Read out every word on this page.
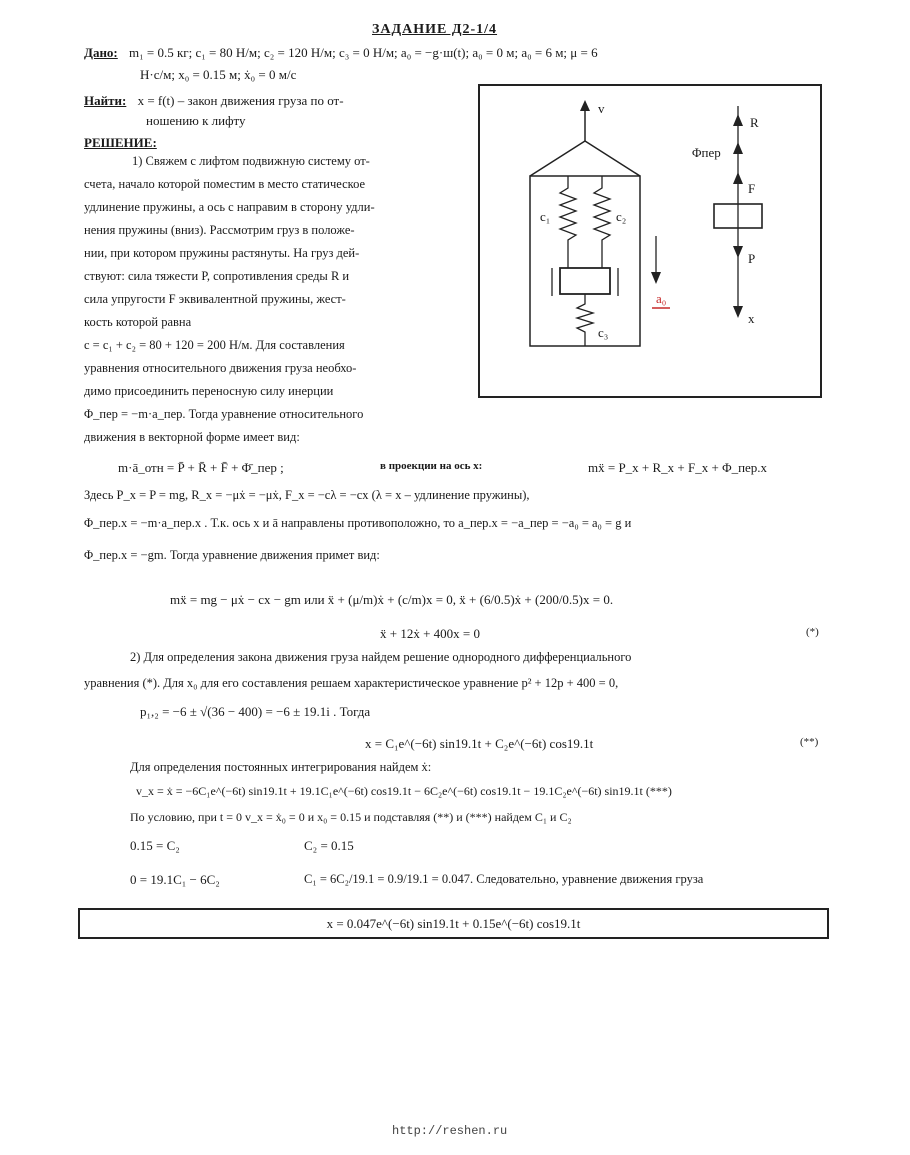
ЗАДАНИЕ Д2-1/4
Дано: m₁ = 0.5 кг; c₁ = 80 Н/м; c₂ = 120 Н/м; c₃ = 0 Н/м; a₀ = −g·ш(t); a₀ = 0 м; a₀ = 6 м; μ = 6
Н·с/м; x₀ = 0.15 м; ẋ₀ = 0 м/с
Найти: x = f(t) – закон движения груза по от-
ношению к лифту
РЕШЕНИЕ:
1) Свяжем с лифтом подвижную систему от-
счета, начало которой поместим в место статическое
удлинение пружины, а ось с направим в сторону удли-
нения пружины (вниз). Рассмотрим груз в положе-
нии, при котором пружины растянуты. На груз дей-
ствуют: сила тяжести P, сопротивления среды R и
сила упругости F эквивалентной пружины, жест-
кость которой равна
c = c₁ + c₂ = 80 + 120 = 200 Н/м. Для составления
уравнения относительного движения груза необхо-
димо присоединить переносную силу инерции
Φ_пер = −m·a_пер. Тогда уравнение относительного
движения в векторной форме имеет вид:
v
c₁	c₂
c₃
a₀
R
Φпер
F
P
x
m·ā_отн = P̄ + R̄ + F̄ + Φ̄_пер ;	в проекции на ось x:	mẍ = P_x + R_x + F_x + Φ_пер.x
Здесь P_x = P = mg, R_x = −μẋ = −μẋ, F_x = −cλ = −cx (λ = x – удлинение пружины),
Φ_пер.x = −m·a_пер.x . Т.к. ось x и ā направлены противоположно, то a_пер.x = −a_пер = −a₀ = a₀ = g и
Φ_пер.x = −gm. Тогда уравнение движения примет вид:
mẍ = mg − μẋ − cx − gm или ẍ + (μ/m)ẋ + (c/m)x = 0, ẍ + (6/0.5)ẋ + (200/0.5)x = 0.
ẍ + 12ẋ + 400x = 0	(*)
2) Для определения закона движения груза найдем решение однородного дифференциального
уравнения (*). Для x₀ для его составления решаем характеристическое уравнение p² + 12p + 400 = 0,
p₁,₂ = −6 ± √(36 − 400) = −6 ± 19.1i . Тогда
x = C₁e^(−6t) sin19.1t + C₂e^(−6t) cos19.1t	(**)
Для определения постоянных интегрирования найдем ẋ:
v_x = ẋ = −6C₁e^(−6t) sin19.1t + 19.1C₁e^(−6t) cos19.1t − 6C₂e^(−6t) cos19.1t − 19.1C₂e^(−6t) sin19.1t (***)
По условию, при t = 0 v_x = ẋ₀ = 0 и x₀ = 0.15 и подставляя (**) и (***) найдем C₁ и C₂
0.15 = C₂	C₂ = 0.15
0 = 19.1C₁ − 6C₂	C₁ = 6C₂/19.1 = 0.9/19.1 = 0.047. Следовательно, уравнение движения груза
x = 0.047e^(−6t) sin19.1t + 0.15e^(−6t) cos19.1t
http://reshen.ru
